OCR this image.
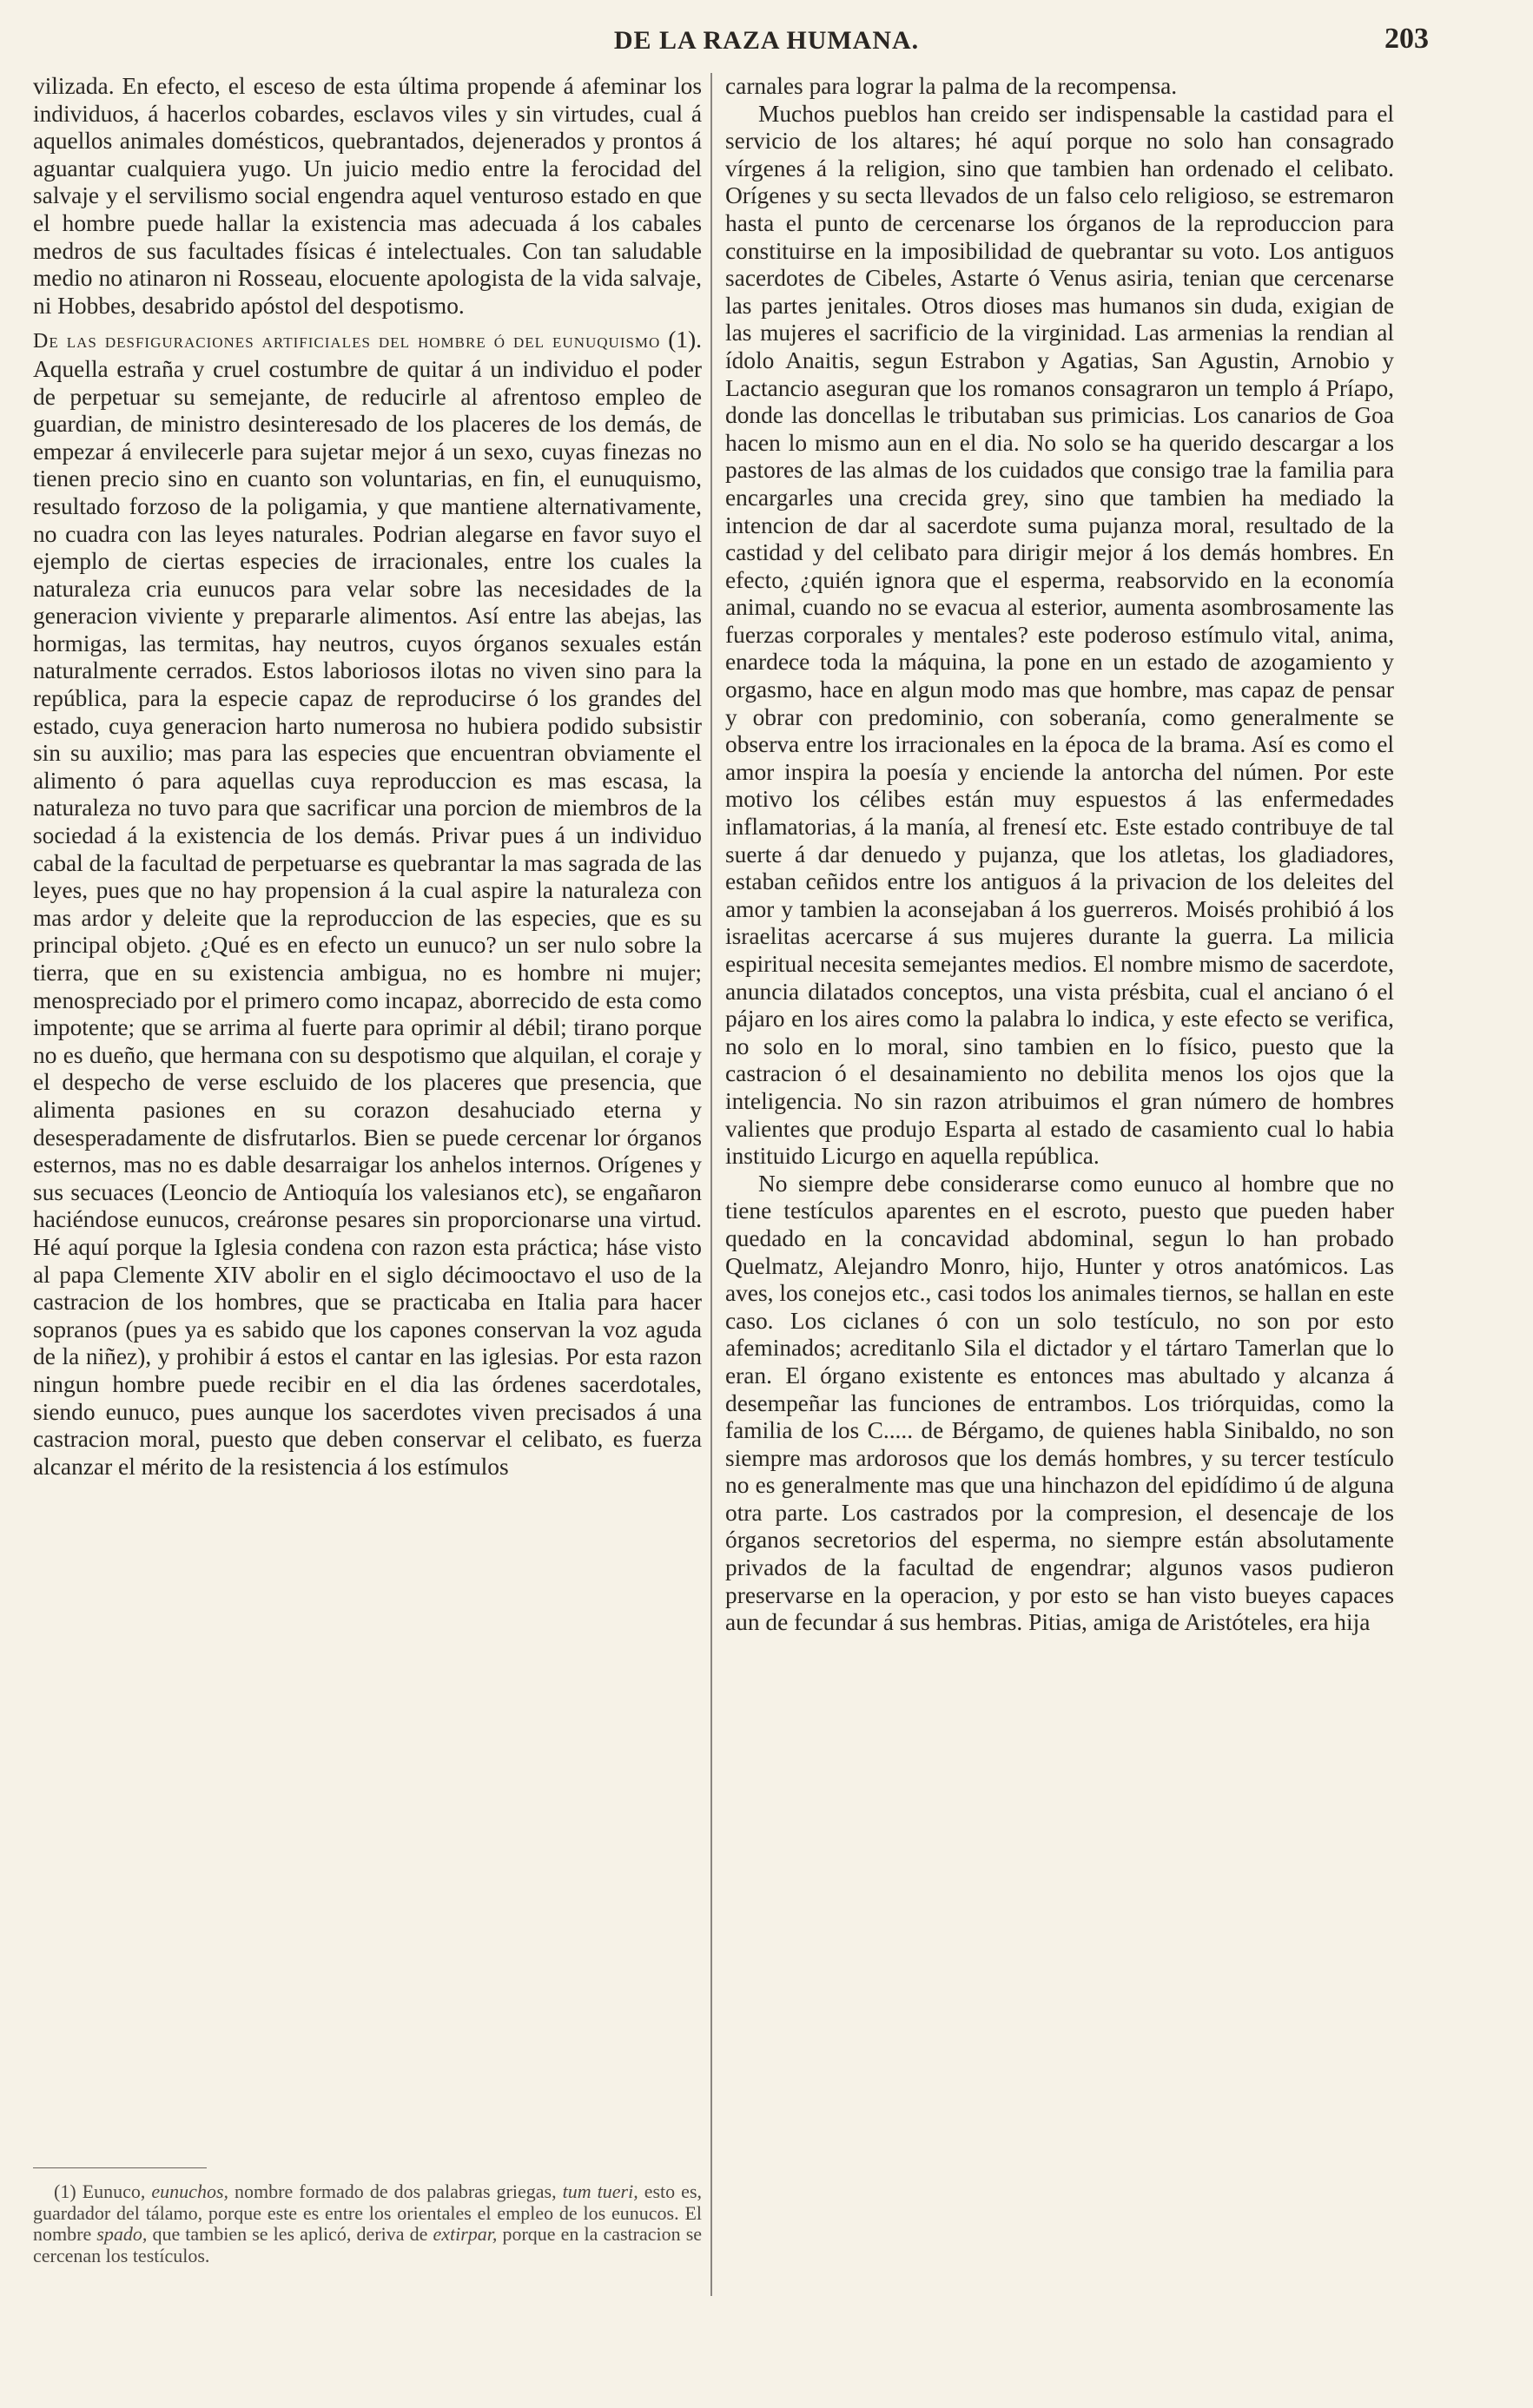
DE LA RAZA HUMANA.	203

vilizada. En efecto, el esceso de esta última propende á afeminar los individuos, á hacerlos cobardes, esclavos viles y sin virtudes, cual á aquellos animales domésticos, quebrantados, dejenerados y prontos á aguantar cualquiera yugo. Un juicio medio entre la ferocidad del salvaje y el servilismo social engendra aquel venturoso estado en que el hombre puede hallar la existencia mas adecuada á los cabales medros de sus facultades físicas é intelectuales. Con tan saludable medio no atinaron ni Rosseau, elocuente apologista de la vida salvaje, ni Hobbes, desabrido apóstol del despotismo.

De las desfiguraciones artificiales del hombre ó del eunuquismo (1). Aquella estraña y cruel costumbre de quitar á un individuo el poder de perpetuar su semejante, de reducirle al afrentoso empleo de guardian, de ministro desinteresado de los placeres de los demás, de empezar á envilecerle para sujetar mejor á un sexo, cuyas finezas no tienen precio sino en cuanto son voluntarias, en fin, el eunuquismo, resultado forzoso de la poligamia, y que mantiene alternativamente, no cuadra con las leyes naturales. Podrian alegarse en favor suyo el ejemplo de ciertas especies de irracionales, entre los cuales la naturaleza cria eunucos para velar sobre las necesidades de la generacion viviente y prepararle alimentos. Así entre las abejas, las hormigas, las termitas, hay neutros, cuyos órganos sexuales están naturalmente cerrados. Estos laboriosos ilotas no viven sino para la república, para la especie capaz de reproducirse ó los grandes del estado, cuya generacion harto numerosa no hubiera podido subsistir sin su auxilio; mas para las especies que encuentran obviamente el alimento ó para aquellas cuya reproduccion es mas escasa, la naturaleza no tuvo para que sacrificar una porcion de miembros de la sociedad á la existencia de los demás. Privar pues á un individuo cabal de la facultad de perpetuarse es quebrantar la mas sagrada de las leyes, pues que no hay propension á la cual aspire la naturaleza con mas ardor y deleite que la reproduccion de las especies, que es su principal objeto. ¿Qué es en efecto un eunuco? un ser nulo sobre la tierra, que en su existencia ambigua, no es hombre ni mujer; menospreciado por el primero como incapaz, aborrecido de esta como impotente; que se arrima al fuerte para oprimir al débil; tirano porque no es dueño, que hermana con su despotismo que alquilan, el coraje y el despecho de verse escluido de los placeres que presencia, que alimenta pasiones en su corazon desahuciado eterna y desesperadamente de disfrutarlos. Bien se puede cercenar lor órganos esternos, mas no es dable desarraigar los anhelos internos. Orígenes y sus secuaces (Leoncio de Antioquía los valesianos etc), se engañaron haciéndose eunucos, creáronse pesares sin proporcionarse una virtud. Hé aquí porque la Iglesia condena con razon esta práctica; háse visto al papa Clemente XIV abolir en el siglo décimooctavo el uso de la castracion de los hombres, que se practicaba en Italia para hacer sopranos (pues ya es sabido que los capones conservan la voz aguda de la niñez), y prohibir á estos el cantar en las iglesias. Por esta razon ningun hombre puede recibir en el dia las órdenes sacerdotales, siendo eunuco, pues aunque los sacerdotes viven precisados á una castracion moral, puesto que deben conservar el celibato, es fuerza alcanzar el mérito de la resistencia á los estímulos

carnales para lograr la palma de la recompensa.

Muchos pueblos han creido ser indispensable la castidad para el servicio de los altares; hé aquí porque no solo han consagrado vírgenes á la religion, sino que tambien han ordenado el celibato. Orígenes y su secta llevados de un falso celo religioso, se estremaron hasta el punto de cercenarse los órganos de la reproduccion para constituirse en la imposibilidad de quebrantar su voto. Los antiguos sacerdotes de Cibeles, Astarte ó Venus asiria, tenian que cercenarse las partes jenitales. Otros dioses mas humanos sin duda, exigian de las mujeres el sacrificio de la virginidad. Las armenias la rendian al ídolo Anaitis, segun Estrabon y Agatias, San Agustin, Arnobio y Lactancio aseguran que los romanos consagraron un templo á Príapo, donde las doncellas le tributaban sus primicias. Los canarios de Goa hacen lo mismo aun en el dia. No solo se ha querido descargar a los pastores de las almas de los cuidados que consigo trae la familia para encargarles una crecida grey, sino que tambien ha mediado la intencion de dar al sacerdote suma pujanza moral, resultado de la castidad y del celibato para dirigir mejor á los demás hombres. En efecto, ¿quién ignora que el esperma, reabsorvido en la economía animal, cuando no se evacua al esterior, aumenta asombrosamente las fuerzas corporales y mentales? este poderoso estímulo vital, anima, enardece toda la máquina, la pone en un estado de azogamiento y orgasmo, hace en algun modo mas que hombre, mas capaz de pensar y obrar con predominio, con soberanía, como generalmente se observa entre los irracionales en la época de la brama. Así es como el amor inspira la poesía y enciende la antorcha del númen. Por este motivo los célibes están muy espuestos á las enfermedades inflamatorias, á la manía, al frenesí etc. Este estado contribuye de tal suerte á dar denuedo y pujanza, que los atletas, los gladiadores, estaban ceñidos entre los antiguos á la privacion de los deleites del amor y tambien la aconsejaban á los guerreros. Moisés prohibió á los israelitas acercarse á sus mujeres durante la guerra. La milicia espiritual necesita semejantes medios. El nombre mismo de sacerdote, anuncia dilatados conceptos, una vista présbita, cual el anciano ó el pájaro en los aires como la palabra lo indica, y este efecto se verifica, no solo en lo moral, sino tambien en lo físico, puesto que la castracion ó el desainamiento no debilita menos los ojos que la inteligencia. No sin razon atribuimos el gran número de hombres valientes que produjo Esparta al estado de casamiento cual lo habia instituido Licurgo en aquella república.

No siempre debe considerarse como eunuco al hombre que no tiene testículos aparentes en el escroto, puesto que pueden haber quedado en la concavidad abdominal, segun lo han probado Quelmatz, Alejandro Monro, hijo, Hunter y otros anatómicos. Las aves, los conejos etc., casi todos los animales tiernos, se hallan en este caso. Los ciclanes ó con un solo testículo, no son por esto afeminados; acreditanlo Sila el dictador y el tártaro Tamerlan que lo eran. El órgano existente es entonces mas abultado y alcanza á desempeñar las funciones de entrambos. Los triórquidas, como la familia de los C..... de Bérgamo, de quienes habla Sinibaldo, no son siempre mas ardorosos que los demás hombres, y su tercer testículo no es generalmente mas que una hinchazon del epidídimo ú de alguna otra parte. Los castrados por la compresion, el desencaje de los órganos secretorios del esperma, no siempre están absolutamente privados de la facultad de engendrar; algunos vasos pudieron preservarse en la operacion, y por esto se han visto bueyes capaces aun de fecundar á sus hembras. Pitias, amiga de Aristóteles, era hija

(1) Eunuco, eunuchos, nombre formado de dos palabras griegas, tum tueri, esto es, guardador del tálamo, porque este es entre los orientales el empleo de los eunucos. El nombre spado, que tambien se les aplicó, deriva de extirpar, porque en la castracion se cercenan los testículos.
